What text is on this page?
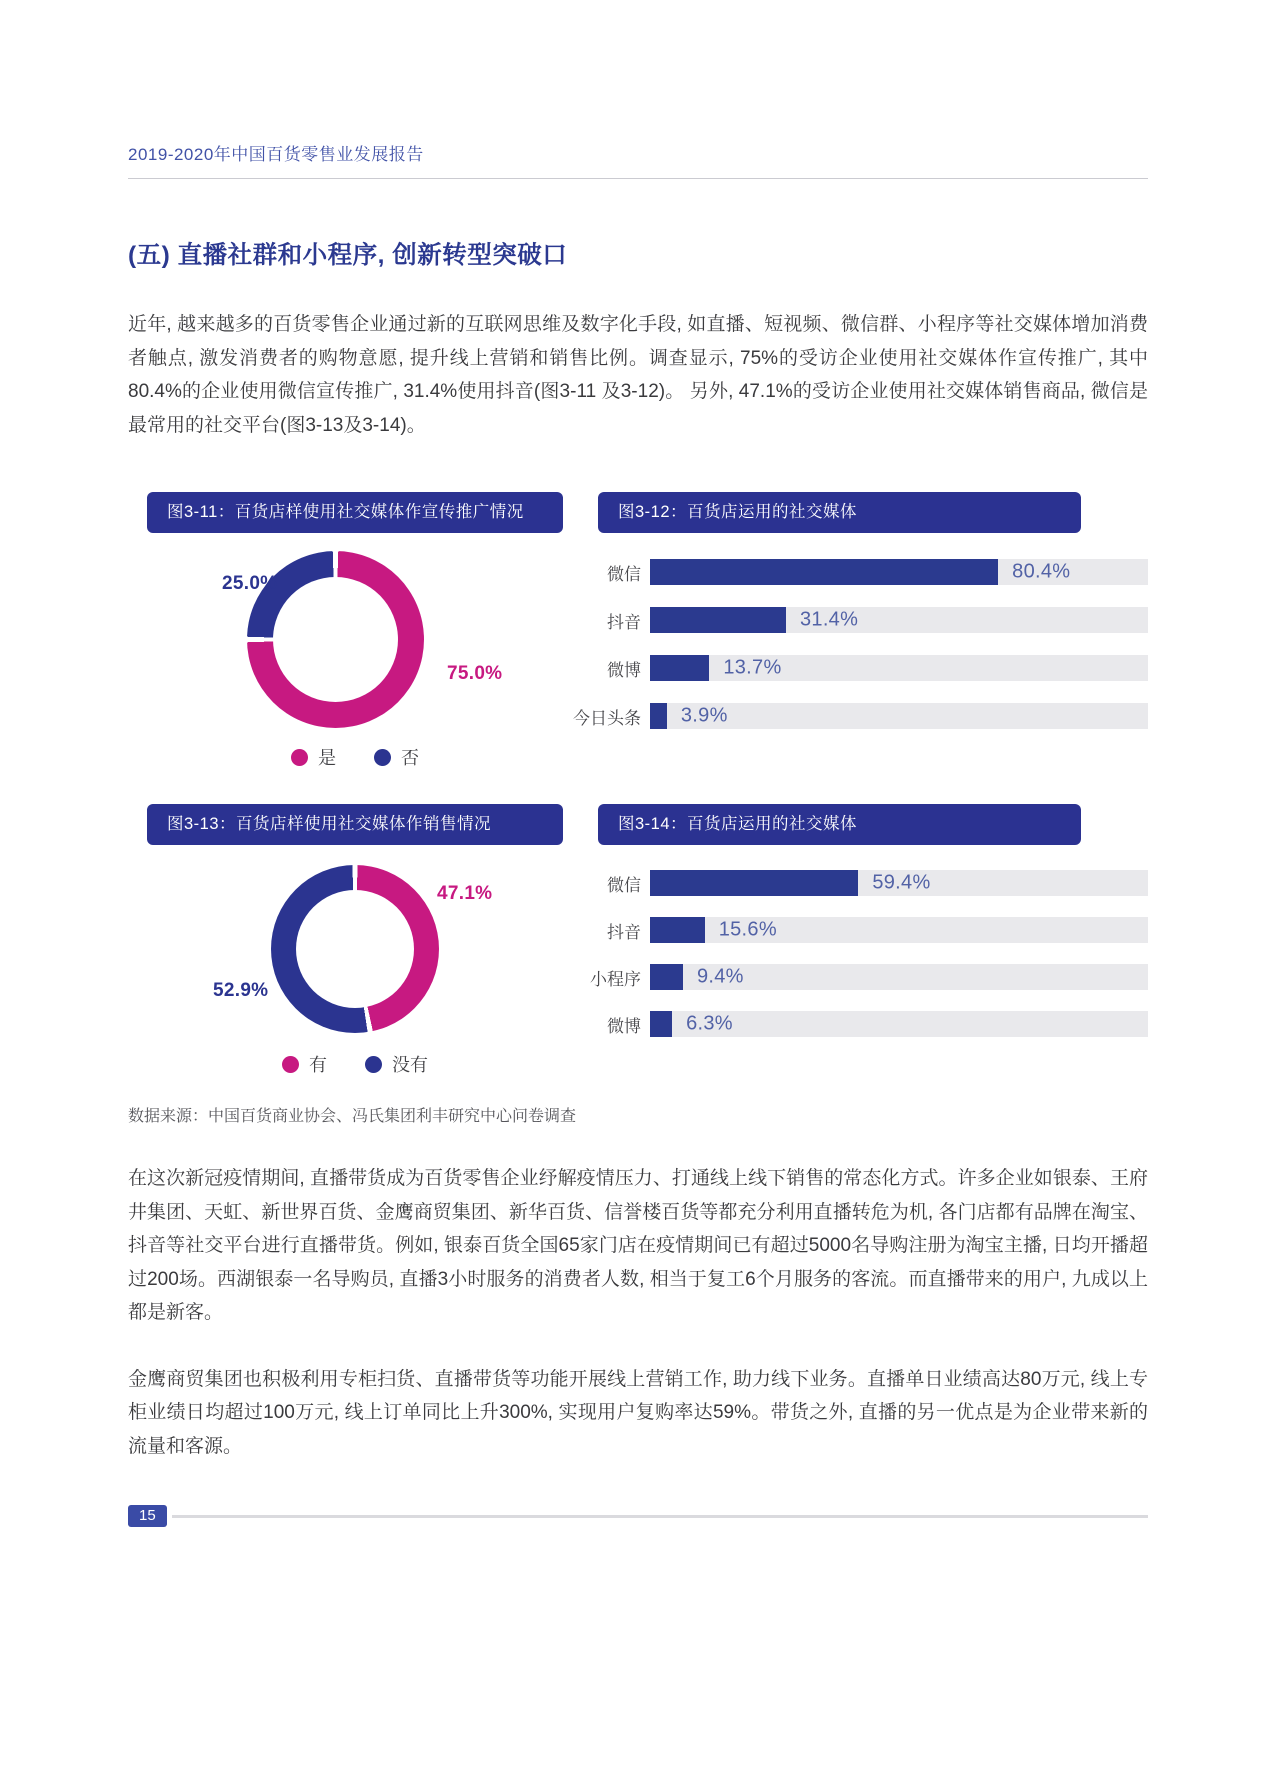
2019-2020年中国百货零售业发展报告
(五) 直播社群和小程序, 创新转型突破口

近年, 越来越多的百货零售企业通过新的互联网思维及数字化手段, 如直播、短视频、微信群、小程序等社交媒体增加消费者触点, 激发消费者的购物意愿, 提升线上营销和销售比例。调查显示, 75%的受访企业使用社交媒体作宣传推广, 其中80.4%的企业使用微信宣传推广, 31.4%使用抖音(图3-11 及3-12)。 另外, 47.1%的受访企业使用社交媒体销售商品, 微信是最常用的社交平台(图3-13及3-14)。

图3-11：百货店样使用社交媒体作宣传推广情况
25.0%
75.0%
是	否
图3-12：百货店运用的社交媒体
微信	80.4%
抖音	31.4%
微博	13.7%
今日头条	3.9%
图3-13：百货店样使用社交媒体作销售情况
47.1%
52.9%
有	没有
图3-14：百货店运用的社交媒体
微信	59.4%
抖音	15.6%
小程序	9.4%
微博	6.3%

数据来源：中国百货商业协会、冯氏集团利丰研究中心问卷调查

在这次新冠疫情期间, 直播带货成为百货零售企业纾解疫情压力、打通线上线下销售的常态化方式。许多企业如银泰、王府井集团、天虹、新世界百货、金鹰商贸集团、新华百货、信誉楼百货等都充分利用直播转危为机, 各门店都有品牌在淘宝、抖音等社交平台进行直播带货。例如, 银泰百货全国65家门店在疫情期间已有超过5000名导购注册为淘宝主播, 日均开播超过200场。西湖银泰一名导购员, 直播3小时服务的消费者人数, 相当于复工6个月服务的客流。而直播带来的用户, 九成以上都是新客。

金鹰商贸集团也积极利用专柜扫货、直播带货等功能开展线上营销工作, 助力线下业务。直播单日业绩高达80万元, 线上专柜业绩日均超过100万元, 线上订单同比上升300%, 实现用户复购率达59%。带货之外, 直播的另一优点是为企业带来新的流量和客源。

15
